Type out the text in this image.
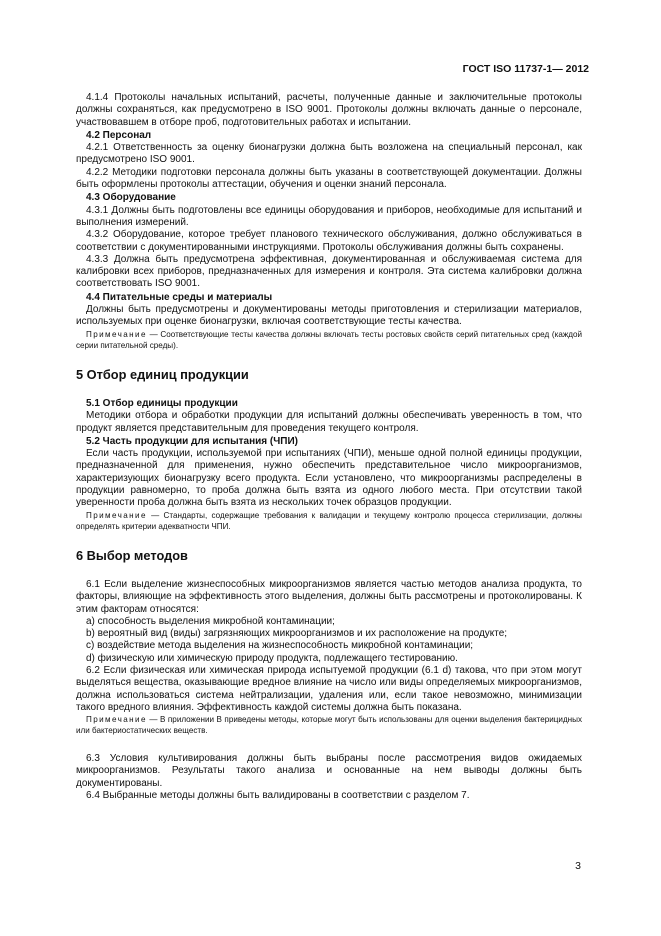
ГОСТ ISO 11737-1— 2012

4.1.4 Протоколы начальных испытаний, расчеты, полученные данные и заключительные протоколы должны сохраняться, как предусмотрено в ISO 9001. Протоколы должны включать данные о персонале, участвовавшем в отборе проб, подготовительных работах и испытании.

4.2 Персонал

4.2.1 Ответственность за оценку бионагрузки должна быть возложена на специальный персонал, как предусмотрено ISO 9001.

4.2.2 Методики подготовки персонала должны быть указаны в соответствующей документации. Должны быть оформлены протоколы аттестации, обучения и оценки знаний персонала.

4.3 Оборудование

4.3.1 Должны быть подготовлены все единицы оборудования и приборов, необходимые для испытаний и выполнения измерений.

4.3.2 Оборудование, которое требует планового технического обслуживания, должно обслуживаться в соответствии с документированными инструкциями. Протоколы обслуживания должны быть сохранены.

4.3.3 Должна быть предусмотрена эффективная, документированная и обслуживаемая система для калибровки всех приборов, предназначенных для измерения и контроля. Эта система калибровки должна соответствовать ISO 9001.

4.4 Питательные среды и материалы

Должны быть предусмотрены и документированы методы приготовления и стерилизации материалов, используемых при оценке бионагрузки, включая соответствующие тесты качества.

Примечание — Соответствующие тесты качества должны включать тесты ростовых свойств серий питательных сред (каждой серии питательной среды).

5 Отбор единиц продукции

5.1 Отбор единицы продукции

Методики отбора и обработки продукции для испытаний должны обеспечивать уверенность в том, что продукт является представительным для проведения текущего контроля.

5.2 Часть продукции для испытания (ЧПИ)

Если часть продукции, используемой при испытаниях (ЧПИ), меньше одной полной единицы продукции, предназначенной для применения, нужно обеспечить представительное число микроорганизмов, характеризующих бионагрузку всего продукта. Если установлено, что микроорганизмы распределены в продукции равномерно, то проба должна быть взята из одного любого места. При отсутствии такой уверенности проба должна быть взята из нескольких точек образцов продукции.

Примечание — Стандарты, содержащие требования к валидации и текущему контролю процесса стерилизации, должны определять критерии адекватности ЧПИ.

6 Выбор методов

6.1 Если выделение жизнеспособных микроорганизмов является частью методов анализа продукта, то факторы, влияющие на эффективность этого выделения, должны быть рассмотрены и протоколированы. К этим факторам относятся:

a) способность выделения микробной контаминации;

b) вероятный вид (виды) загрязняющих микроорганизмов и их расположение на продукте;

c) воздействие метода выделения на жизнеспособность микробной контаминации;

d) физическую или химическую природу продукта, подлежащего тестированию.

6.2 Если физическая или химическая природа испытуемой продукции (6.1 d) такова, что при этом могут выделяться вещества, оказывающие вредное влияние на число или виды определяемых микроорганизмов, должна использоваться система нейтрализации, удаления или, если такое невозможно, минимизации такого вредного влияния. Эффективность каждой системы должна быть показана.

Примечание — В приложении В приведены методы, которые могут быть использованы для оценки выделения бактерицидных или бактериостатических веществ.

6.3 Условия культивирования должны быть выбраны после рассмотрения видов ожидаемых микроорганизмов. Результаты такого анализа и основанные на нем выводы должны быть документированы.

6.4 Выбранные методы должны быть валидированы в соответствии с разделом 7.

3
